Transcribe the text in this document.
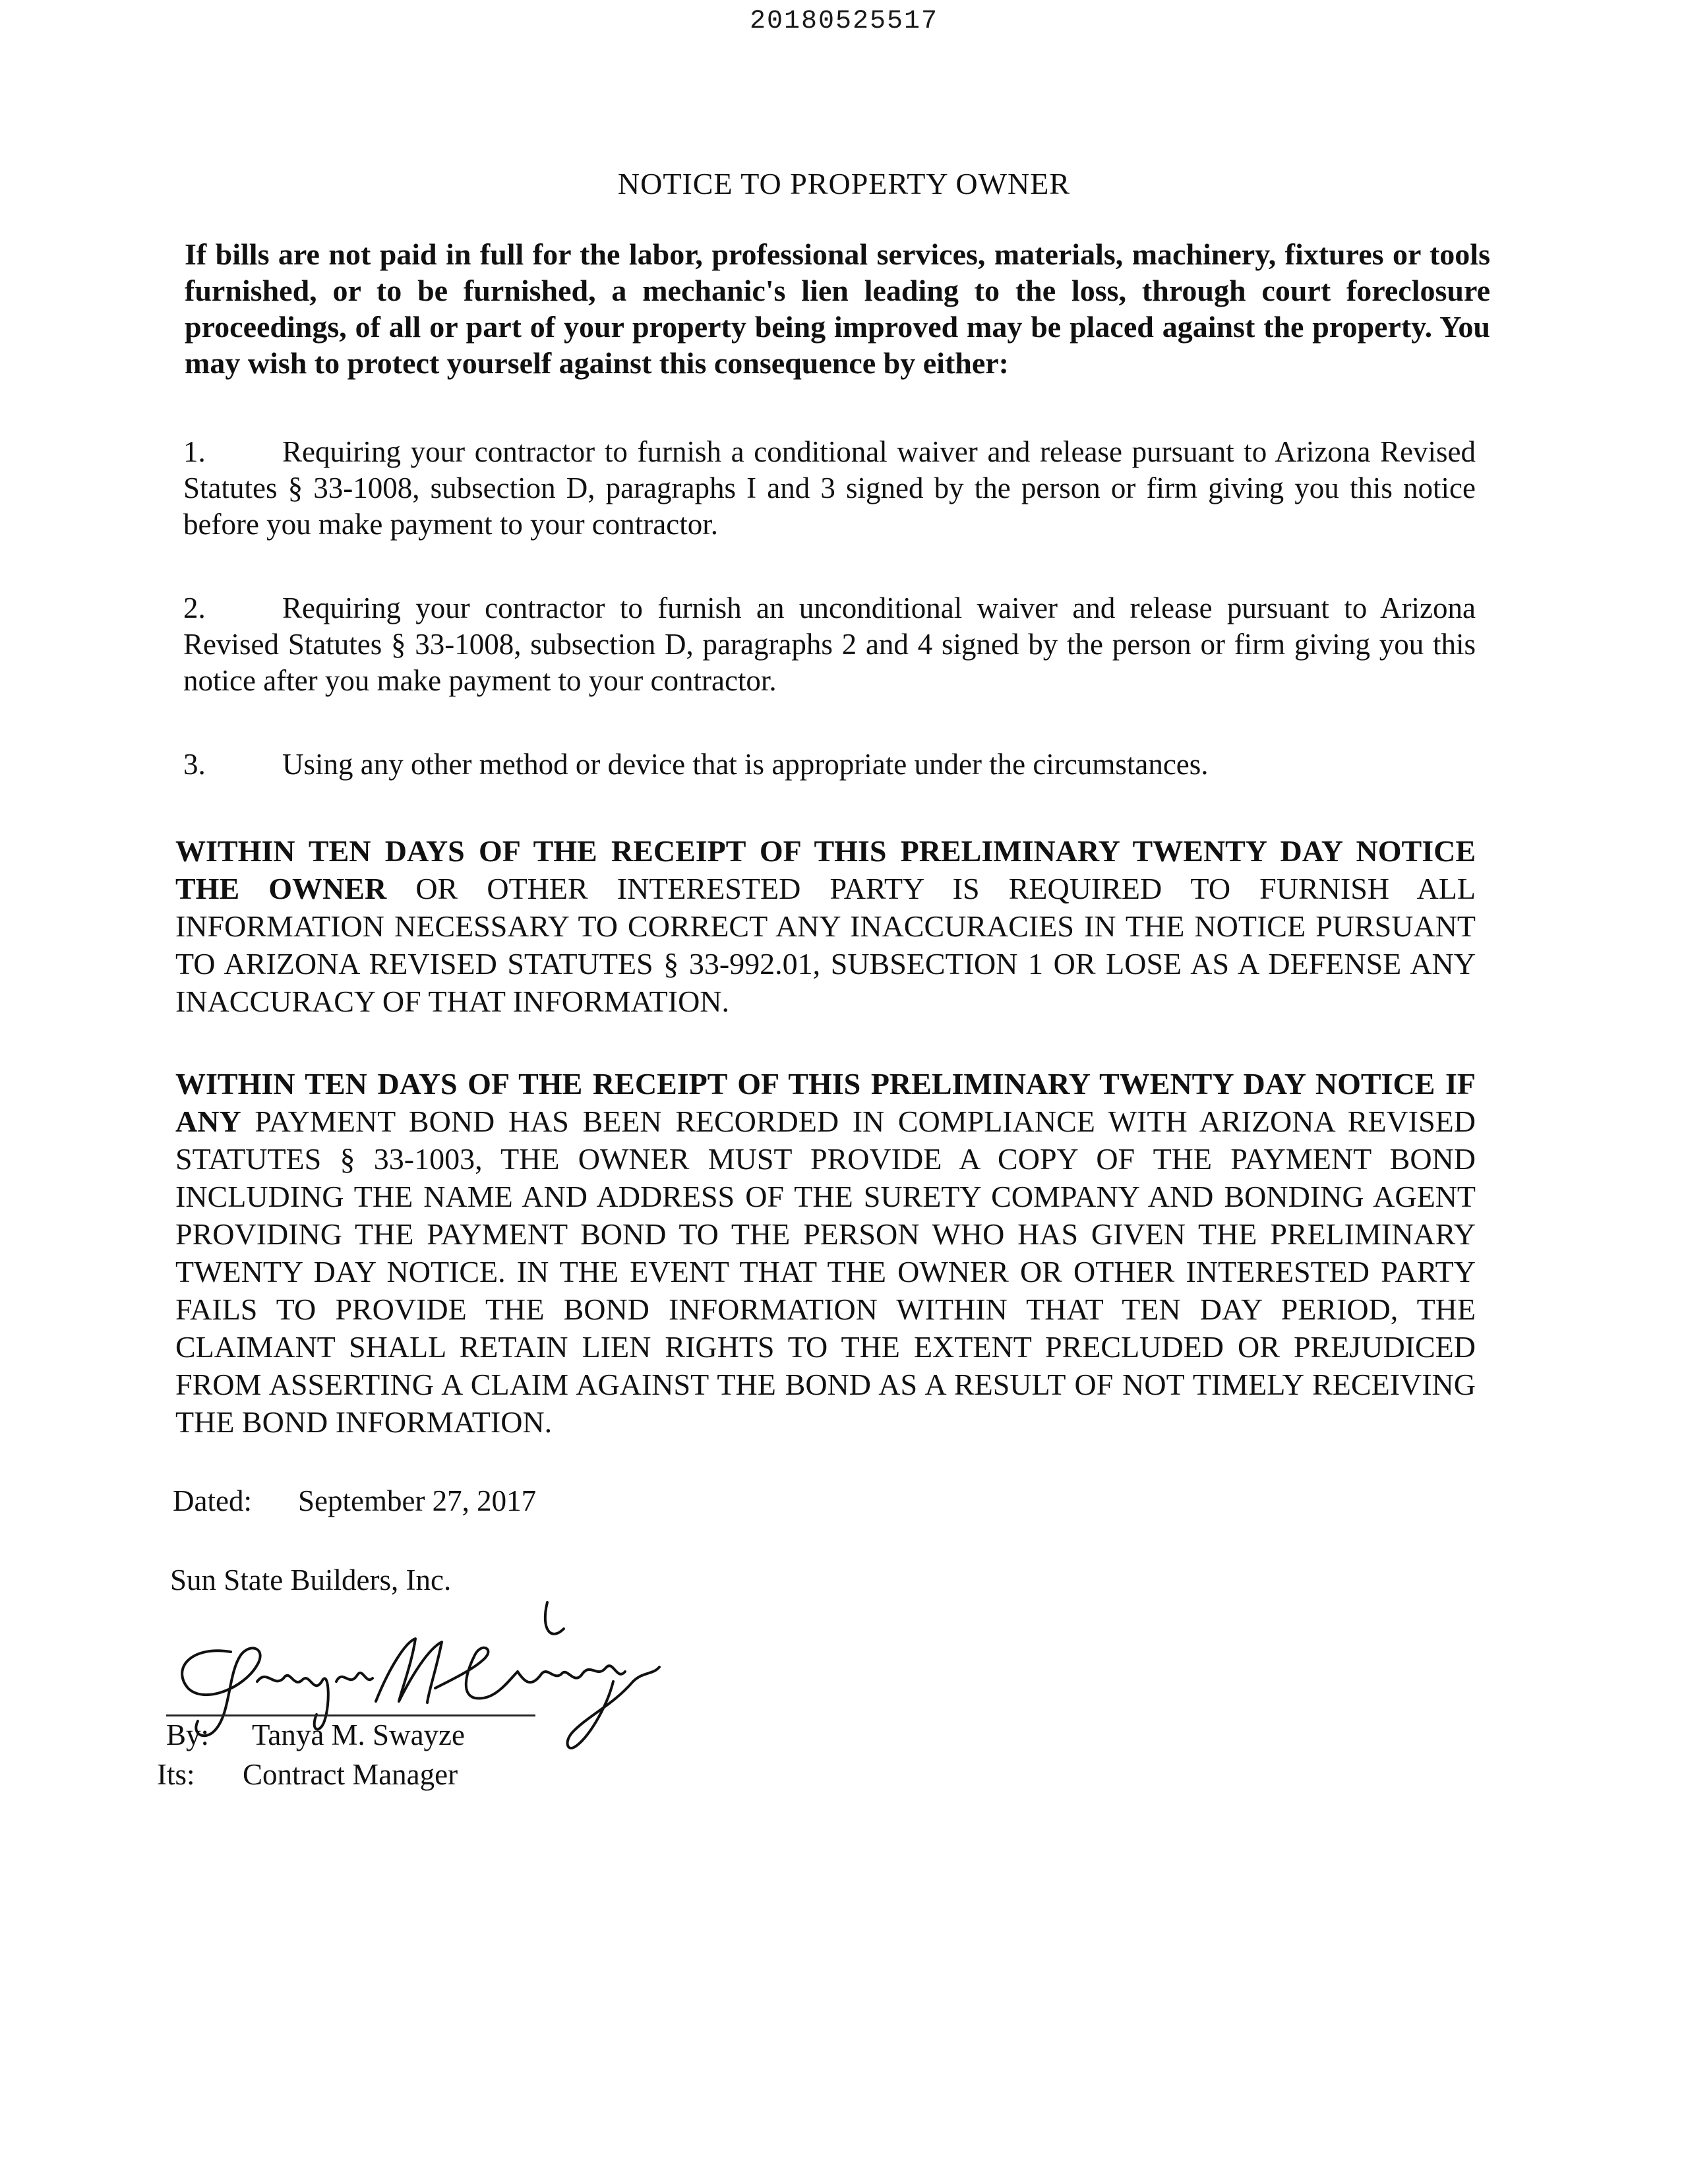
20180525517
NOTICE TO PROPERTY OWNER
If bills are not paid in full for the labor, professional services, materials, machinery, fixtures or tools furnished, or to be furnished, a mechanic's lien leading to the loss, through court foreclosure proceedings, of all or part of your property being improved may be placed against the property. You may wish to protect yourself against this consequence by either:
1.	Requiring your contractor to furnish a conditional waiver and release pursuant to Arizona Revised Statutes § 33-1008, subsection D, paragraphs I and 3 signed by the person or firm giving you this notice before you make payment to your contractor.
2.	Requiring your contractor to furnish an unconditional waiver and release pursuant to Arizona Revised Statutes § 33-1008, subsection D, paragraphs 2 and 4 signed by the person or firm giving you this notice after you make payment to your contractor.
3.	Using any other method or device that is appropriate under the circumstances.
WITHIN TEN DAYS OF THE RECEIPT OF THIS PRELIMINARY TWENTY DAY NOTICE THE OWNER OR OTHER INTERESTED PARTY IS REQUIRED TO FURNISH ALL INFORMATION NECESSARY TO CORRECT ANY INACCURACIES IN THE NOTICE PURSUANT TO ARIZONA REVISED STATUTES § 33-992.01, SUBSECTION 1 OR LOSE AS A DEFENSE ANY INACCURACY OF THAT INFORMATION.
WITHIN TEN DAYS OF THE RECEIPT OF THIS PRELIMINARY TWENTY DAY NOTICE IF ANY PAYMENT BOND HAS BEEN RECORDED IN COMPLIANCE WITH ARIZONA REVISED STATUTES § 33-1003, THE OWNER MUST PROVIDE A COPY OF THE PAYMENT BOND INCLUDING THE NAME AND ADDRESS OF THE SURETY COMPANY AND BONDING AGENT PROVIDING THE PAYMENT BOND TO THE PERSON WHO HAS GIVEN THE PRELIMINARY TWENTY DAY NOTICE. IN THE EVENT THAT THE OWNER OR OTHER INTERESTED PARTY FAILS TO PROVIDE THE BOND INFORMATION WITHIN THAT TEN DAY PERIOD, THE CLAIMANT SHALL RETAIN LIEN RIGHTS TO THE EXTENT PRECLUDED OR PREJUDICED FROM ASSERTING A CLAIM AGAINST THE BOND AS A RESULT OF NOT TIMELY RECEIVING THE BOND INFORMATION.
Dated: September 27, 2017
Sun State Builders, Inc.
By: Tanya M. Swayze
Its: Contract Manager
